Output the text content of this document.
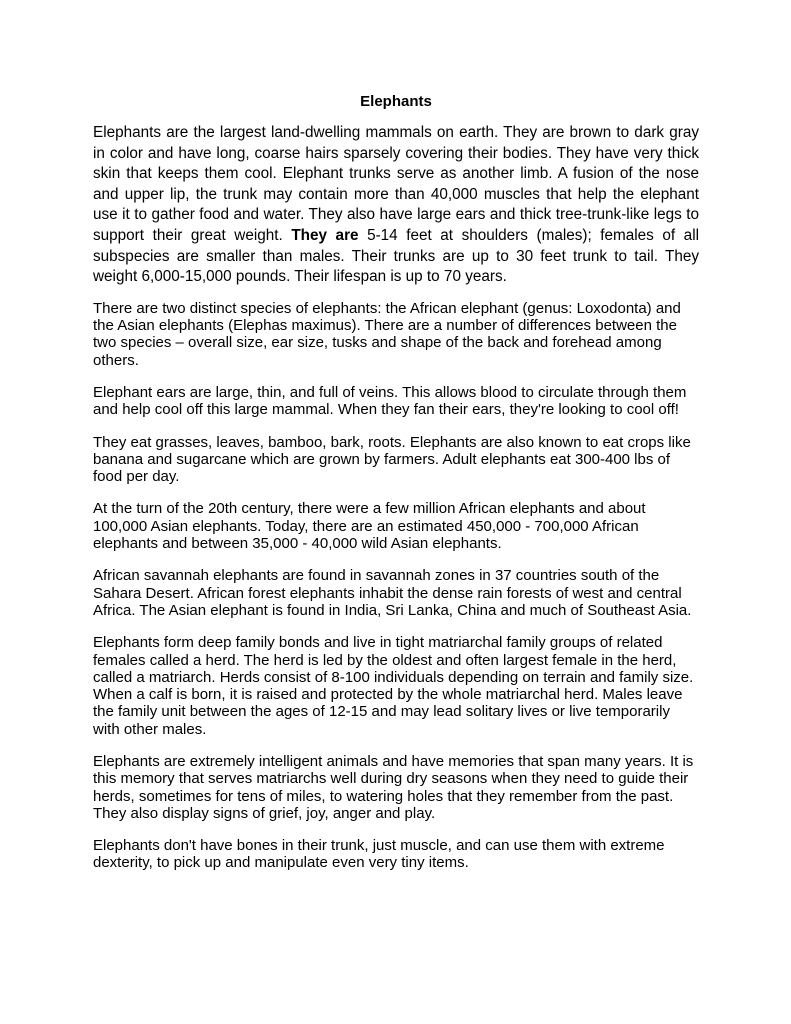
Elephants

Elephants are the largest land-dwelling mammals on earth. They are brown to dark gray in color and have long, coarse hairs sparsely covering their bodies. They have very thick skin that keeps them cool. Elephant trunks serve as another limb. A fusion of the nose and upper lip, the trunk may contain more than 40,000 muscles that help the elephant use it to gather food and water. They also have large ears and thick tree-trunk-like legs to support their great weight. They are 5-14 feet at shoulders (males); females of all subspecies are smaller than males. Their trunks are up to 30 feet trunk to tail. They weight 6,000-15,000 pounds. Their lifespan is up to 70 years.

There are two distinct species of elephants: the African elephant (genus: Loxodonta) and the Asian elephants (Elephas maximus). There are a number of differences between the two species – overall size, ear size, tusks and shape of the back and forehead among others.

Elephant ears are large, thin, and full of veins. This allows blood to circulate through them and help cool off this large mammal. When they fan their ears, they're looking to cool off!

They eat grasses, leaves, bamboo, bark, roots. Elephants are also known to eat crops like banana and sugarcane which are grown by farmers. Adult elephants eat 300-400 lbs of food per day.

At the turn of the 20th century, there were a few million African elephants and about 100,000 Asian elephants. Today, there are an estimated 450,000 - 700,000 African elephants and between 35,000 - 40,000 wild Asian elephants.

African savannah elephants are found in savannah zones in 37 countries south of the Sahara Desert. African forest elephants inhabit the dense rain forests of west and central Africa. The Asian elephant is found in India, Sri Lanka, China and much of Southeast Asia.

Elephants form deep family bonds and live in tight matriarchal family groups of related females called a herd. The herd is led by the oldest and often largest female in the herd, called a matriarch. Herds consist of 8-100 individuals depending on terrain and family size. When a calf is born, it is raised and protected by the whole matriarchal herd. Males leave the family unit between the ages of 12-15 and may lead solitary lives or live temporarily with other males.

Elephants are extremely intelligent animals and have memories that span many years. It is this memory that serves matriarchs well during dry seasons when they need to guide their herds, sometimes for tens of miles, to watering holes that they remember from the past. They also display signs of grief, joy, anger and play.

Elephants don't have bones in their trunk, just muscle, and can use them with extreme dexterity, to pick up and manipulate even very tiny items.
